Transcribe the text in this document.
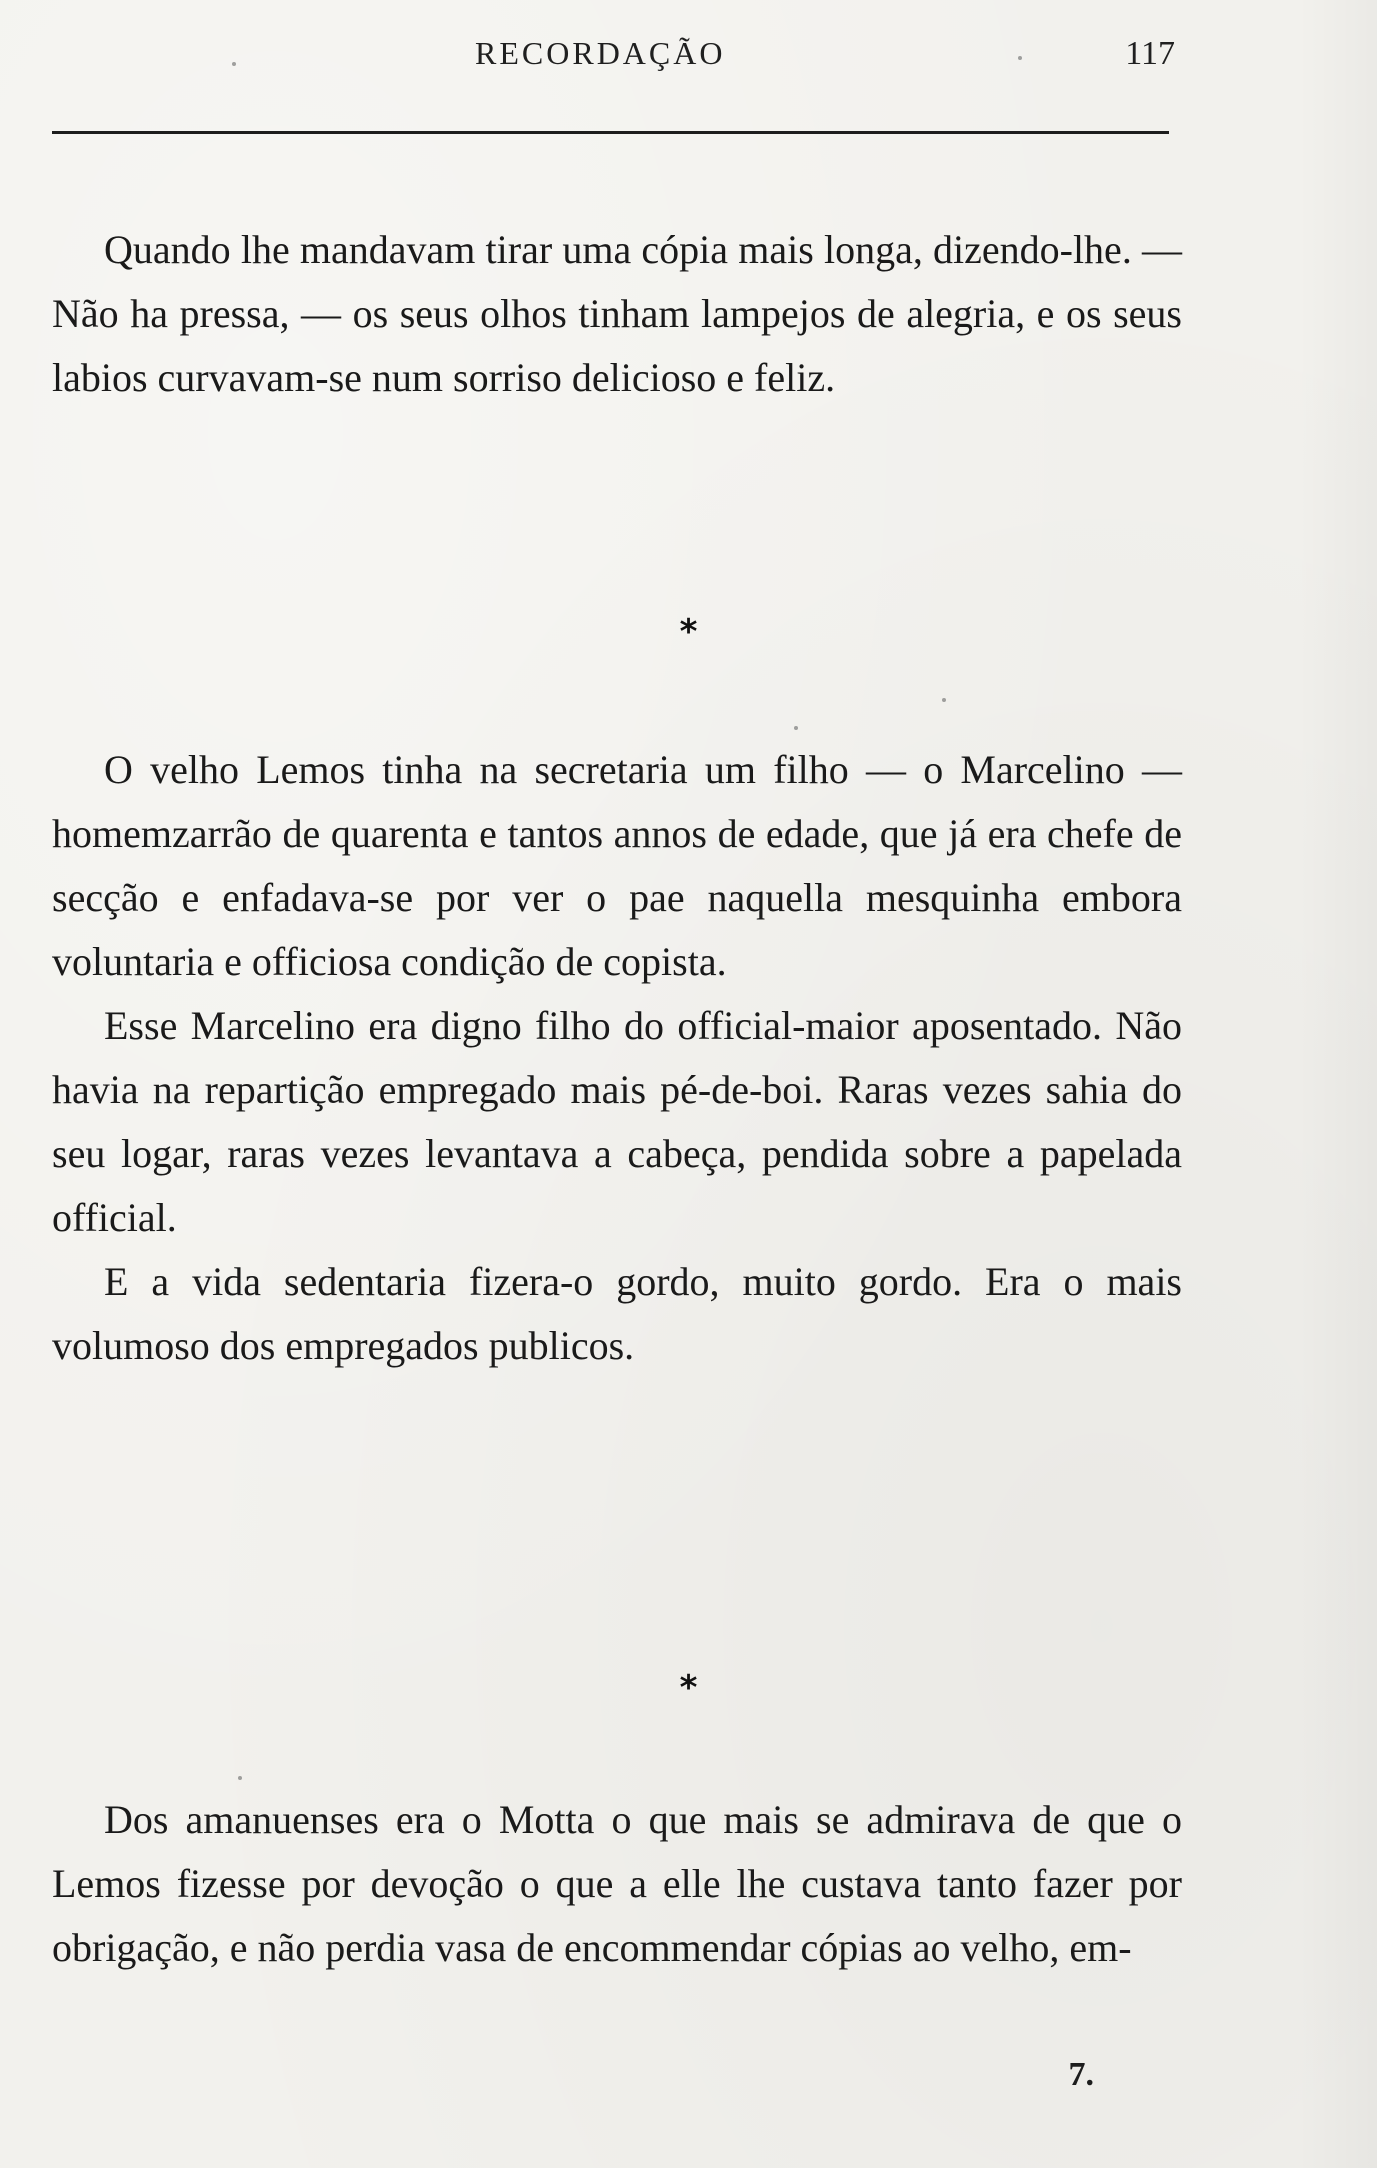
RECORDAÇÃO	117

Quando lhe mandavam tirar uma cópia mais longa, dizendo-lhe. — Não ha pressa, — os seus olhos tinham lampejos de alegria, e os seus labios curvavam-se num sorriso delicioso e feliz.

*

O velho Lemos tinha na secretaria um filho — o Marcelino — homemzarrão de quarenta e tantos annos de edade, que já era chefe de secção e enfadava-se por ver o pae naquella mesquinha embora voluntaria e officiosa condição de copista.

Esse Marcelino era digno filho do official-maior aposentado. Não havia na repartição empregado mais pé-de-boi. Raras vezes sahia do seu logar, raras vezes levantava a cabeça, pendida sobre a papelada official.

E a vida sedentaria fizera-o gordo, muito gordo. Era o mais volumoso dos empregados publicos.

*

Dos amanuenses era o Motta o que mais se admirava de que o Lemos fizesse por devoção o que a elle lhe custava tanto fazer por obrigação, e não perdia vasa de encommendar cópias ao velho, em-

7.
